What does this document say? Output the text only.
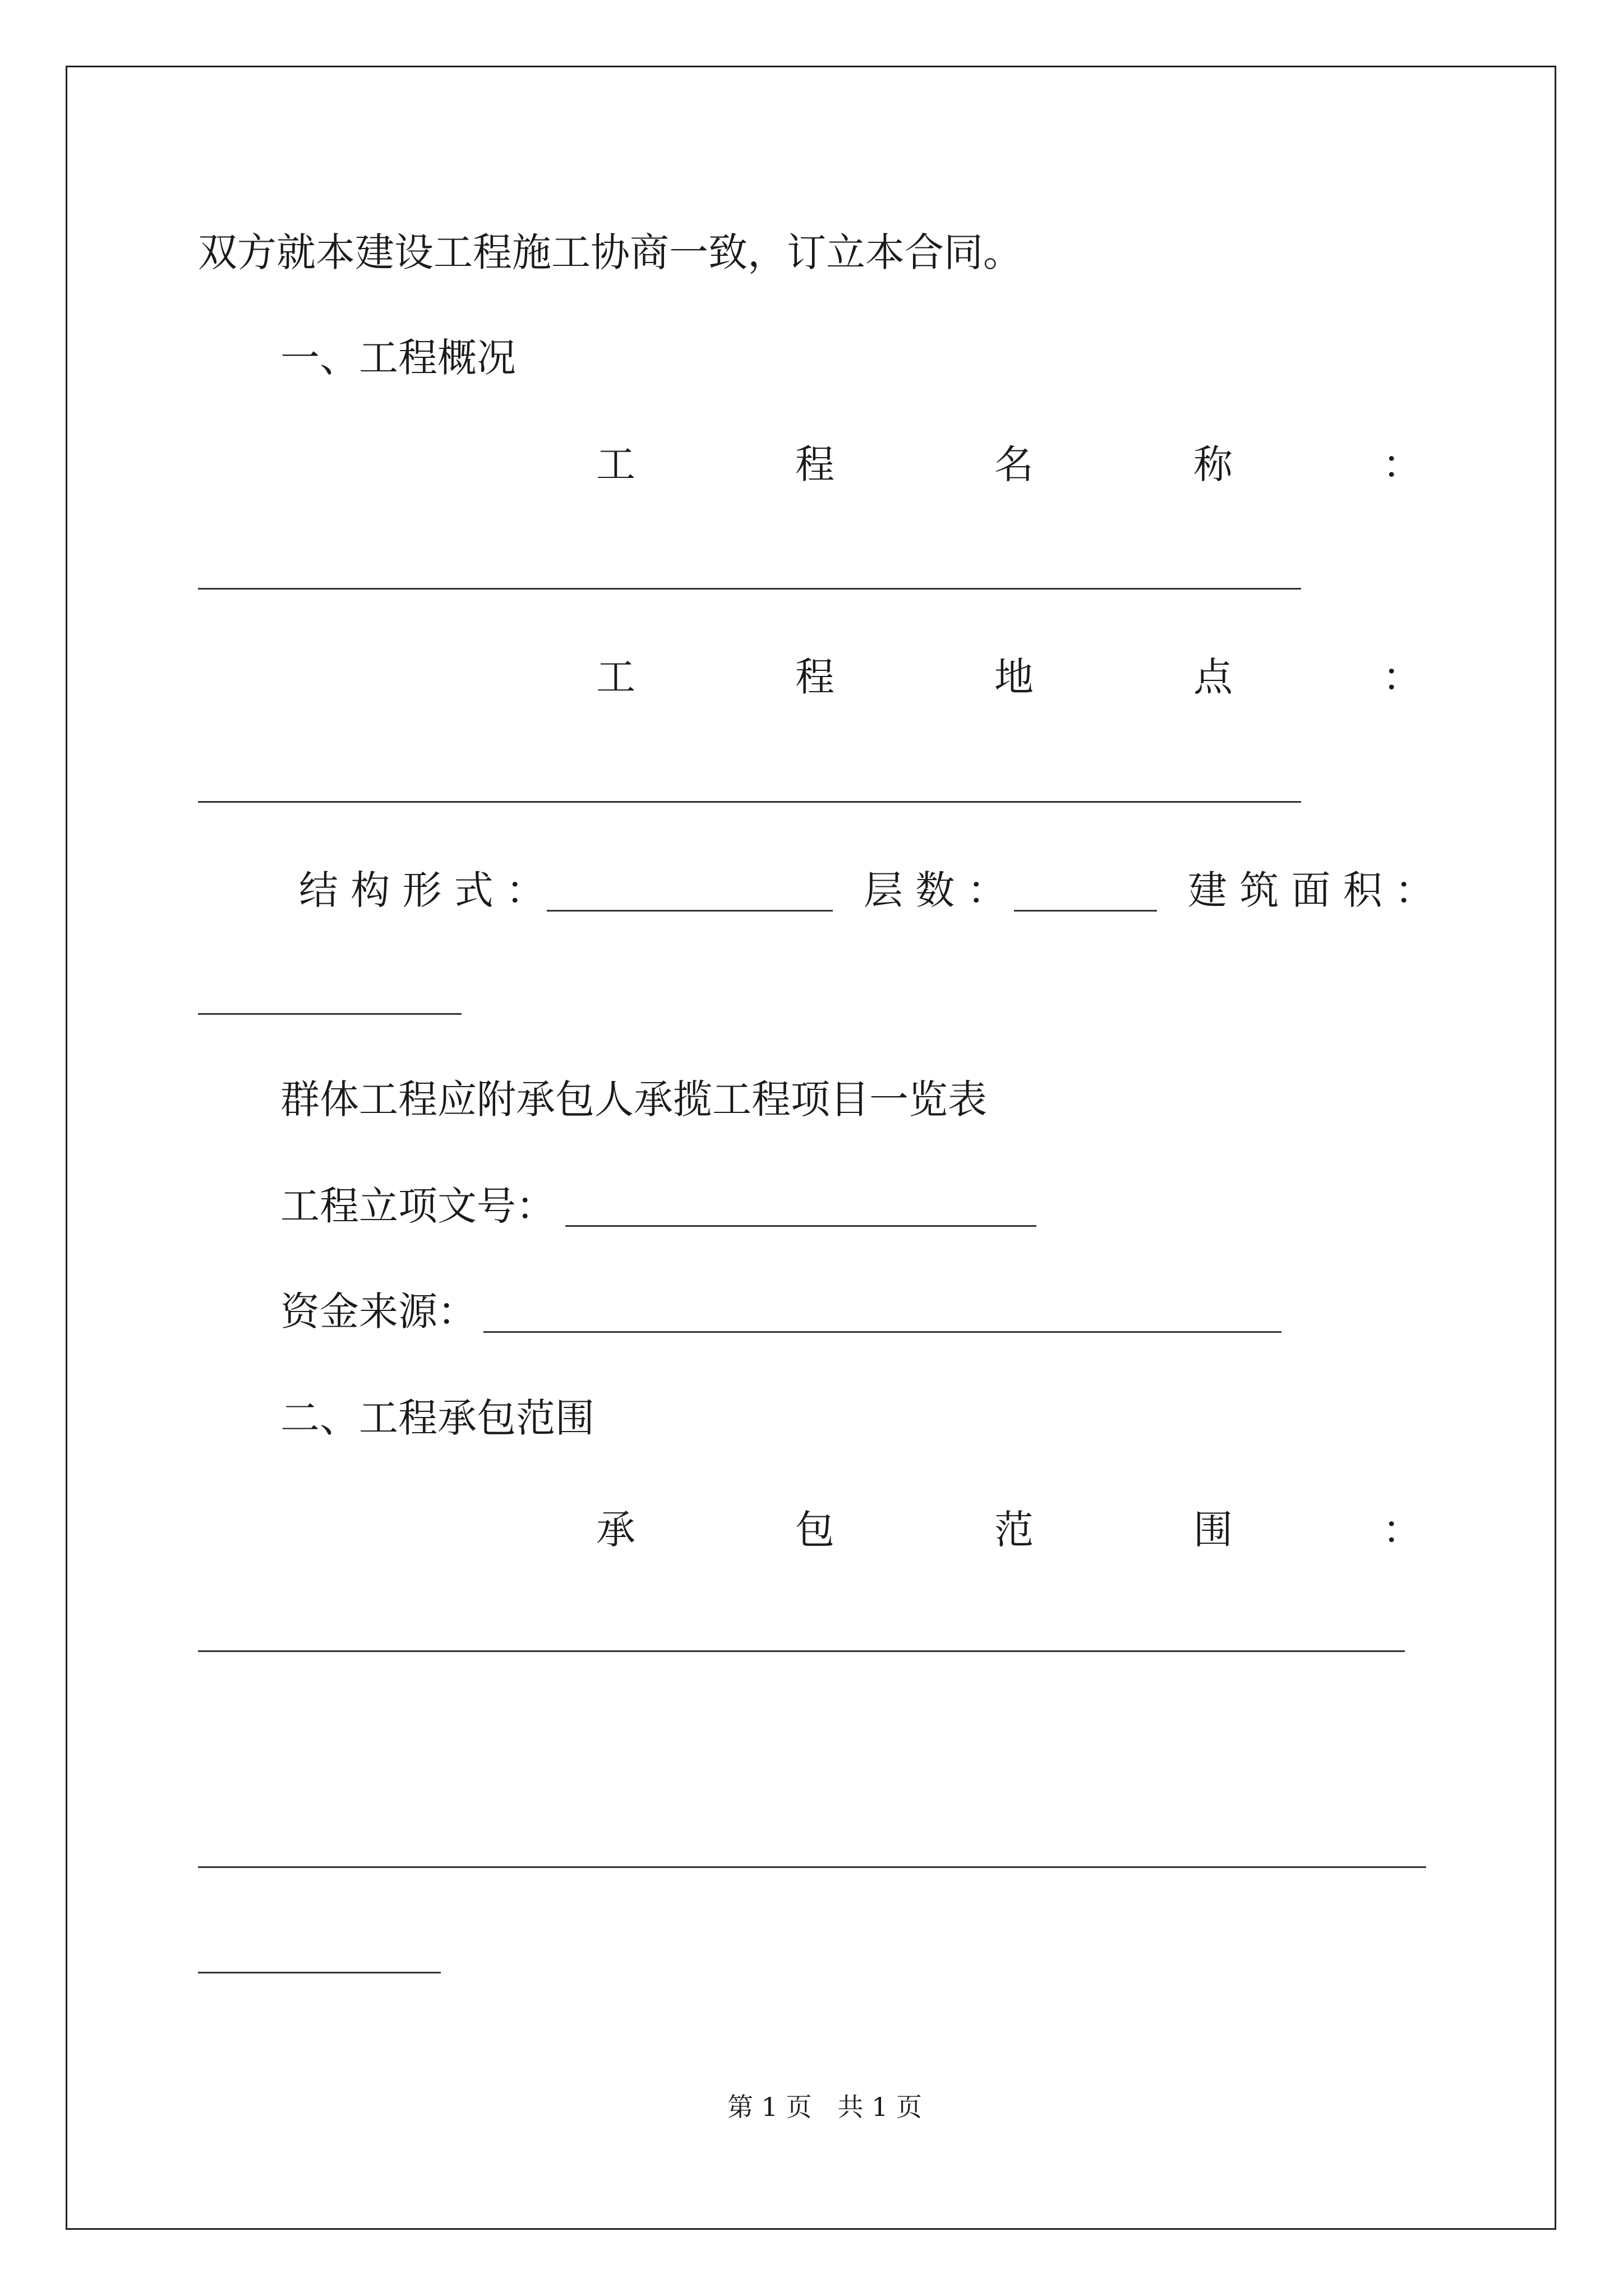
双方就本建设工程施工协商一致，订立本合同。
一、工程概况
工	程	名	称	：
工	程	地	点	：
结 构 形 式 ：	层 数 ：	建 筑 面 积 ：
群体工程应附承包人承揽工程项目一览表
工程立项文号：
资金来源：
二、工程承包范围
承	包	范	围	：
第 1 页　共 1 页
